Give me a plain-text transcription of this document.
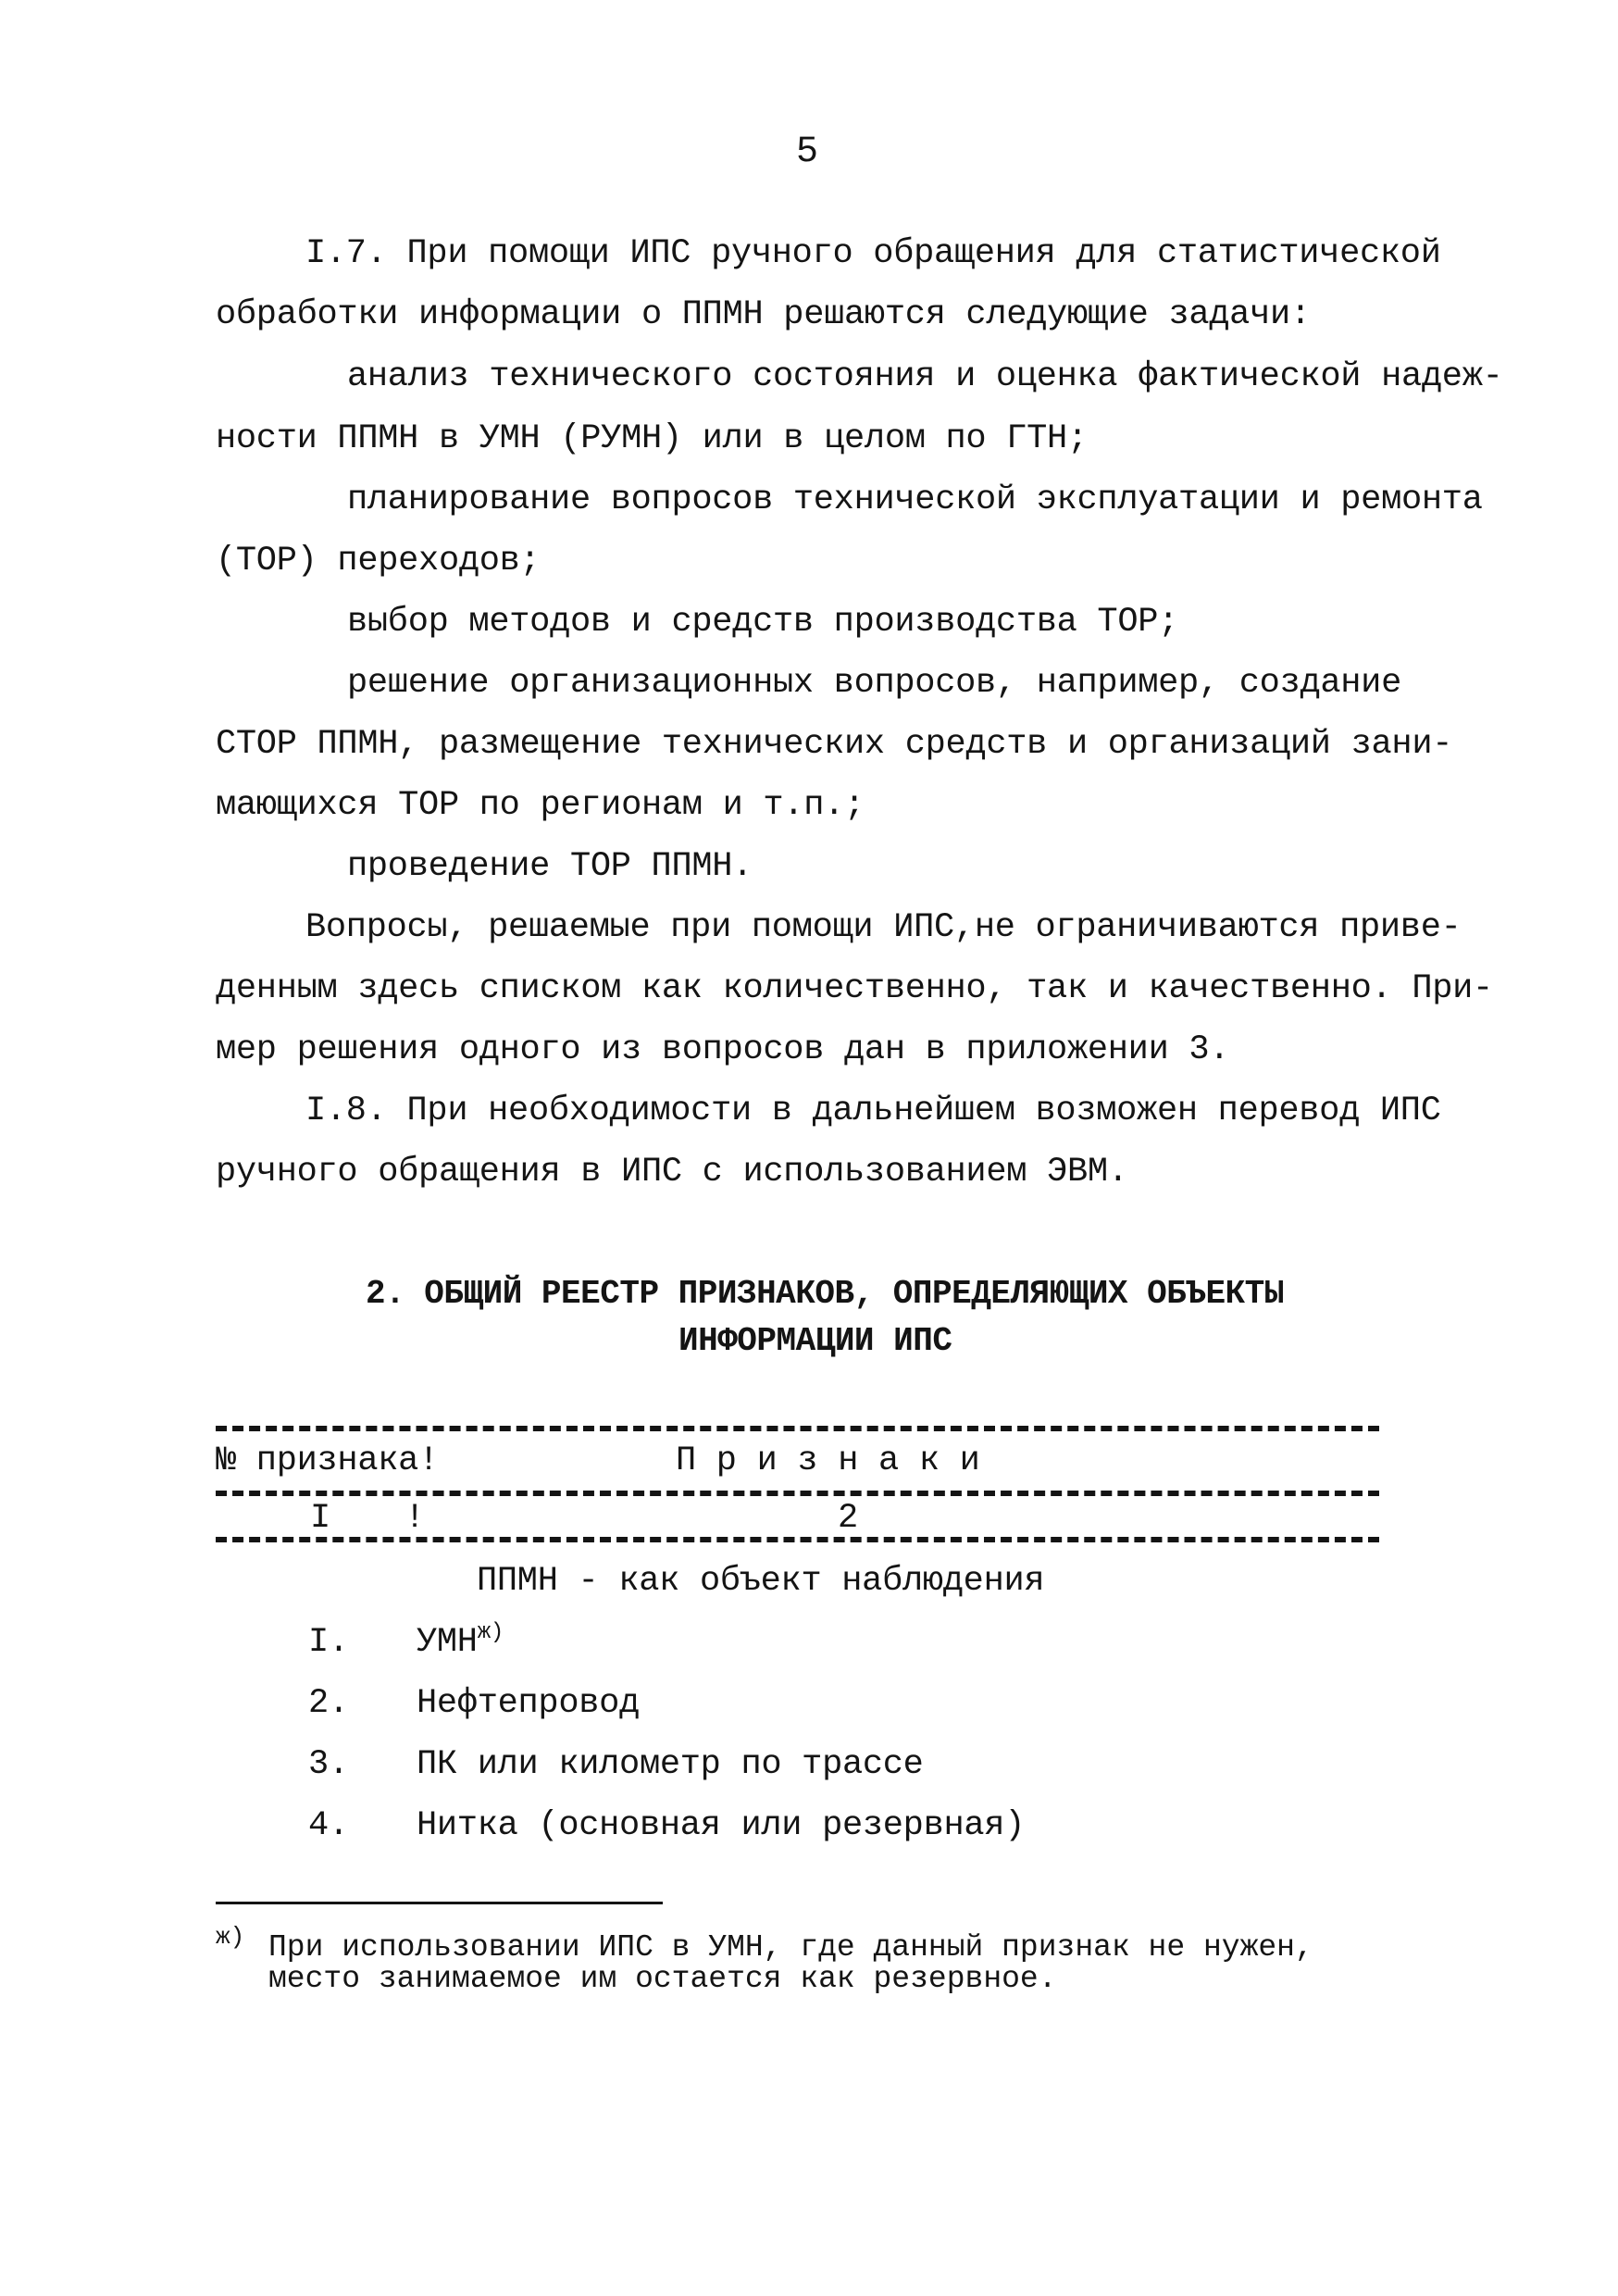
5
I.7. При помощи ИПС ручного обращения для статистической
обработки информации о ППМН решаются следующие задачи:
анализ технического состояния и оценка фактической надеж-
ности ППМН в УМН (РУМН) или в целом по ГТН;
планирование вопросов технической эксплуатации и ремонта
(ТОР) переходов;
выбор методов и средств производства ТОР;
решение организационных вопросов, например, создание
СТОР ППМН, размещение технических средств и организаций зани-
мающихся ТОР по регионам и т.п.;
проведение ТОР ППМН.
Вопросы, решаемые при помощи ИПС,не ограничиваются приве-
денным здесь списком как количественно, так и качественно. При-
мер решения одного из вопросов дан в приложении 3.
I.8. При необходимости в дальнейшем возможен перевод ИПС
ручного обращения в ИПС с использованием ЭВМ.
2. ОБЩИЙ РЕЕСТР ПРИЗНАКОВ, ОПРЕДЕЛЯЮЩИХ ОБЪЕКТЫ
ИНФОРМАЦИИ ИПС
№ признака!	П р и з н а к и
I !	2
ППМН - как объект наблюдения
I. $УМН^{ж)}$
2. Нефтепровод
3. ПК или километр по трассе
4. Нитка (основная или резервная)
ж) При использовании ИПС в УМН, где данный признак не нужен,
место занимаемое им остается как резервное.
